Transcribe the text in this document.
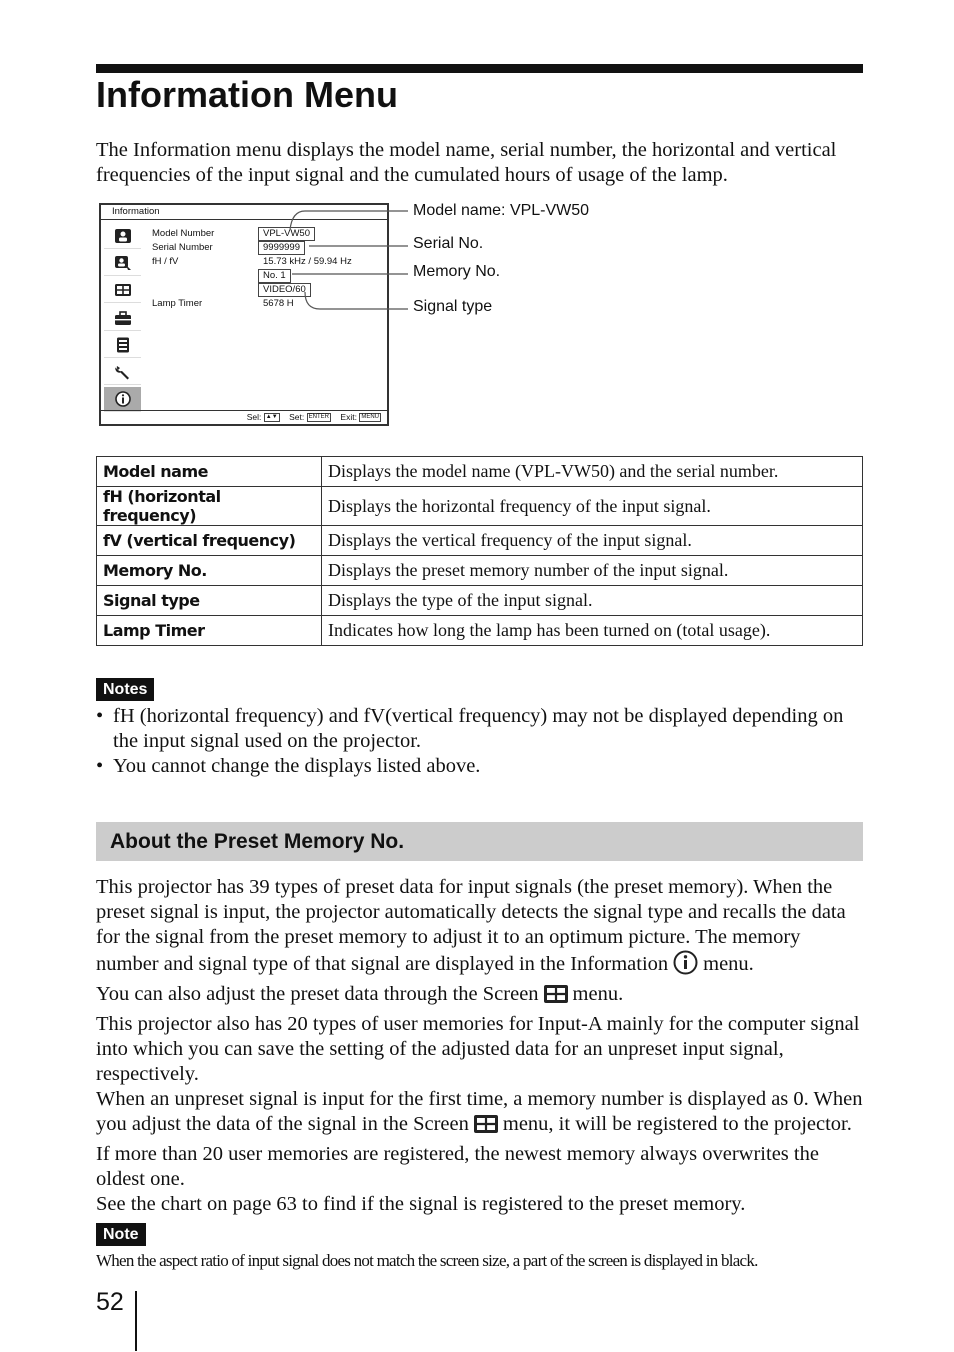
Information Menu

The Information menu displays the model name, serial number, the horizontal and vertical frequencies of the input signal and the cumulated hours of usage of the lamp.

Information
Model Number
Serial Number
fH / fV
Lamp Timer
VPL-VW50
9999999
15.73 kHz / 59.94 Hz
No. 1
VIDEO/60
5678 H
Sel: ▲▼ Set: ENTER Exit: MENU
Model name: VPL-VW50
Serial No.
Memory No.
Signal type
Model name	Displays the model name (VPL-VW50) and the serial number.
fH (horizontal frequency)	Displays the horizontal frequency of the input signal.
fV (vertical frequency)	Displays the vertical frequency of the input signal.
Memory No.	Displays the preset memory number of the input signal.
Signal type	Displays the type of the input signal.
Lamp Timer	Indicates how long the lamp has been turned on (total usage).
Notes
• fH (horizontal frequency) and fV(vertical frequency) may not be displayed depending on the input signal used on the projector.
• You cannot change the displays listed above.
About the Preset Memory No.

This projector has 39 types of preset data for input signals (the preset memory). When the preset signal is input, the projector automatically detects the signal type and recalls the data for the signal from the preset memory to adjust it to an optimum picture. The memory number and signal type of that signal are displayed in the Information menu.

You can also adjust the preset data through the Screen menu.

This projector also has 20 types of user memories for Input-A mainly for the computer signal into which you can save the setting of the adjusted data for an unpreset input signal, respectively.

When an unpreset signal is input for the first time, a memory number is displayed as 0. When you adjust the data of the signal in the Screen menu, it will be registered to the projector. If more than 20 user memories are registered, the newest memory always overwrites the oldest one.

See the chart on page 63 to find if the signal is registered to the preset memory.

Note

When the aspect ratio of input signal does not match the screen size, a part of the screen is displayed in black.

52
